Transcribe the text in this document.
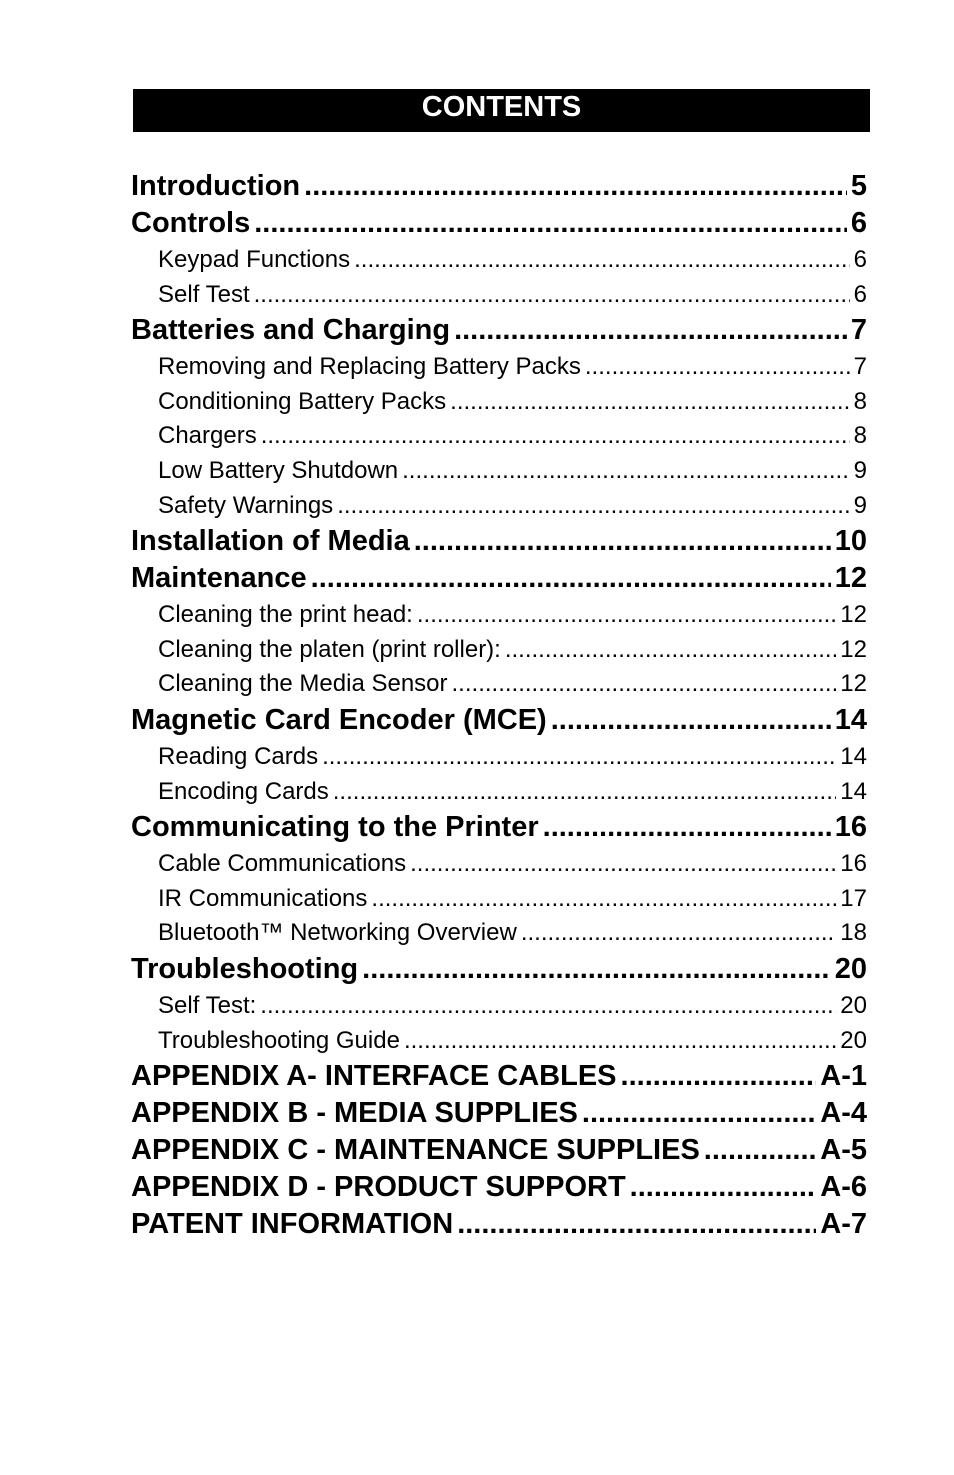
CONTENTS
Introduction .....	5
Controls .....	6
Keypad Functions .....	6
Self Test .....	6
Batteries and Charging .....	7
Removing and Replacing Battery Packs .....	7
Conditioning Battery Packs .....	8
Chargers .....	8
Low Battery Shutdown .....	9
Safety Warnings .....	9
Installation of Media .....	10
Maintenance .....	12
Cleaning the print head: .....	12
Cleaning the platen (print roller): .....	12
Cleaning the Media Sensor .....	12
Magnetic Card Encoder (MCE) .....	14
Reading Cards .....	14
Encoding Cards .....	14
Communicating to the Printer .....	16
Cable Communications .....	16
IR Communications .....	17
Bluetooth™ Networking Overview .....	18
Troubleshooting .....	20
Self Test: .....	20
Troubleshooting Guide .....	20
APPENDIX A- INTERFACE CABLES .....	A-1
APPENDIX B - MEDIA SUPPLIES .....	A-4
APPENDIX C - MAINTENANCE SUPPLIES .....	A-5
APPENDIX D - PRODUCT SUPPORT .....	A-6
PATENT INFORMATION .....	A-7
